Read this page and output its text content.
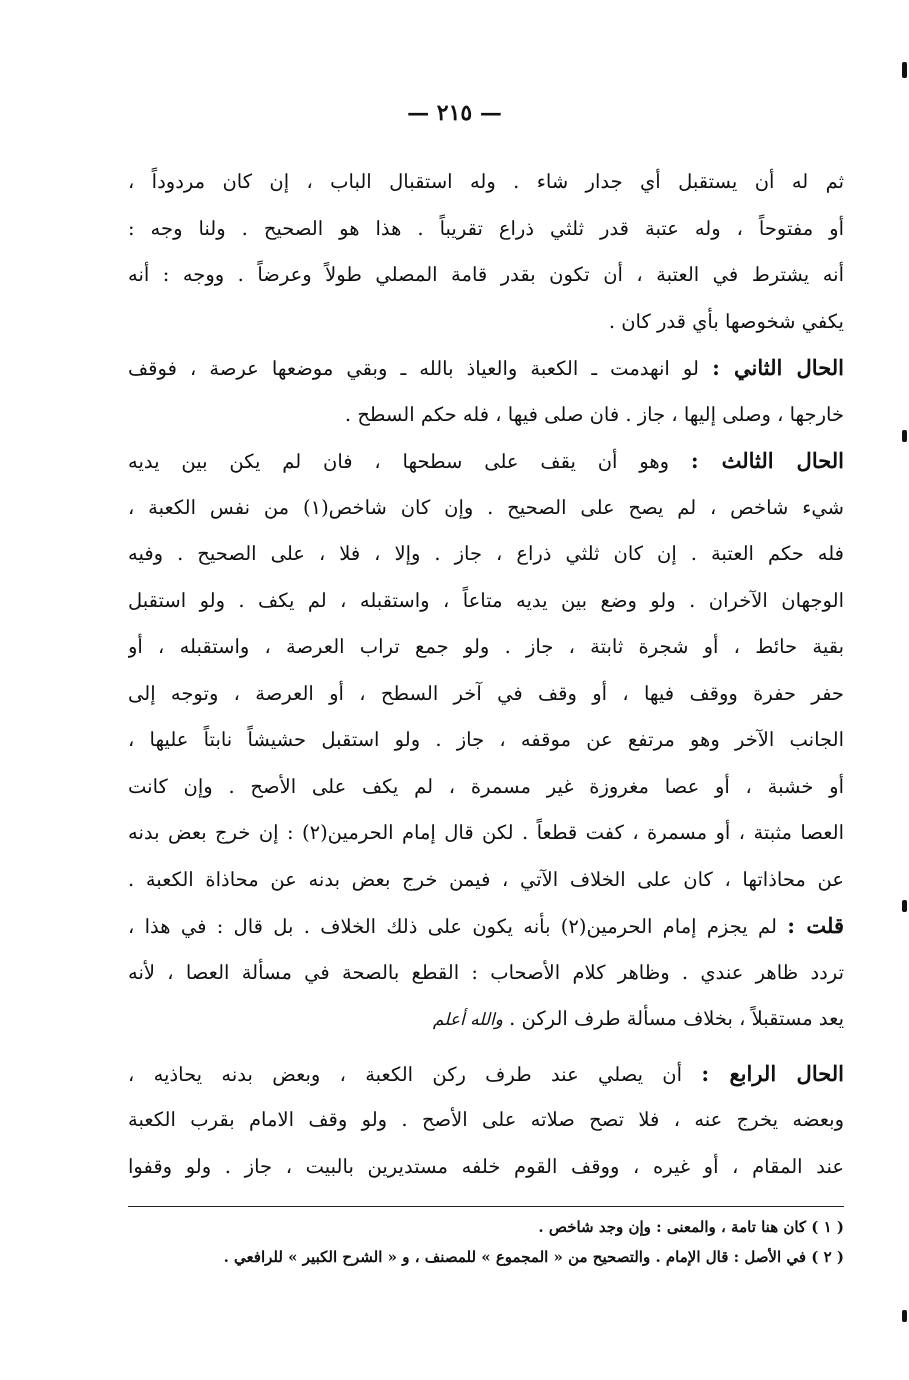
— ٢١٥ —
ثم له أن يستقبل أي جدار شاء . وله استقبال الباب ، إن كان مردوداً ،
أو مفتوحاً ، وله عتبة قدر ثلثي ذراع تقريباً . هذا هو الصحيح . ولنا وجه :
أنه يشترط في العتبة ، أن تكون بقدر قامة المصلي طولاً وعرضاً . ووجه : أنه
يكفي شخوصها بأي قدر كان .
الحال الثاني : لو انهدمت ـ الكعبة والعياذ بالله ـ وبقي موضعها عرصة ، فوقف
خارجها ، وصلى إليها ، جاز . فان صلى فيها ، فله حكم السطح .
الحال الثالث : وهو أن يقف على سطحها ، فان لم يكن بين يديه
شيء شاخص ، لم يصح على الصحيح . وإن كان شاخص(١) من نفس الكعبة ،
فله حكم العتبة . إن كان ثلثي ذراع ، جاز . وإلا ، فلا ، على الصحيح . وفيه
الوجهان الآخران . ولو وضع بين يديه متاعاً ، واستقبله ، لم يكف . ولو استقبل
بقية حائط ، أو شجرة ثابتة ، جاز . ولو جمع تراب العرصة ، واستقبله ، أو
حفر حفرة ووقف فيها ، أو وقف في آخر السطح ، أو العرصة ، وتوجه إلى
الجانب الآخر وهو مرتفع عن موقفه ، جاز . ولو استقبل حشيشاً نابتاً عليها ،
أو خشبة ، أو عصا مغروزة غير مسمرة ، لم يكف على الأصح . وإن كانت
العصا مثبتة ، أو مسمرة ، كفت قطعاً . لكن قال إمام الحرمين(٢) : إن خرج بعض بدنه
عن محاذاتها ، كان على الخلاف الآتي ، فيمن خرج بعض بدنه عن محاذاة الكعبة .
قلت : لم يجزم إمام الحرمين(٢) بأنه يكون على ذلك الخلاف . بل قال : في هذا ،
تردد ظاهر عندي . وظاهر كلام الأصحاب : القطع بالصحة في مسألة العصا ، لأنه
يعد مستقبلاً ، بخلاف مسألة طرف الركن . والله أعلم
الحال الرابع : أن يصلي عند طرف ركن الكعبة ، وبعض بدنه يحاذيه ،
وبعضه يخرج عنه ، فلا تصح صلاته على الأصح . ولو وقف الامام بقرب الكعبة
عند المقام ، أو غيره ، ووقف القوم خلفه مستديرين بالبيت ، جاز . ولو وقفوا
( ١ ) كان هنا تامة ، والمعنى : وإن وجد شاخص .
( ٢ ) في الأصل : قال الإمام . والتصحيح من « المجموع » للمصنف ، و « الشرح الكبير » للرافعي .
